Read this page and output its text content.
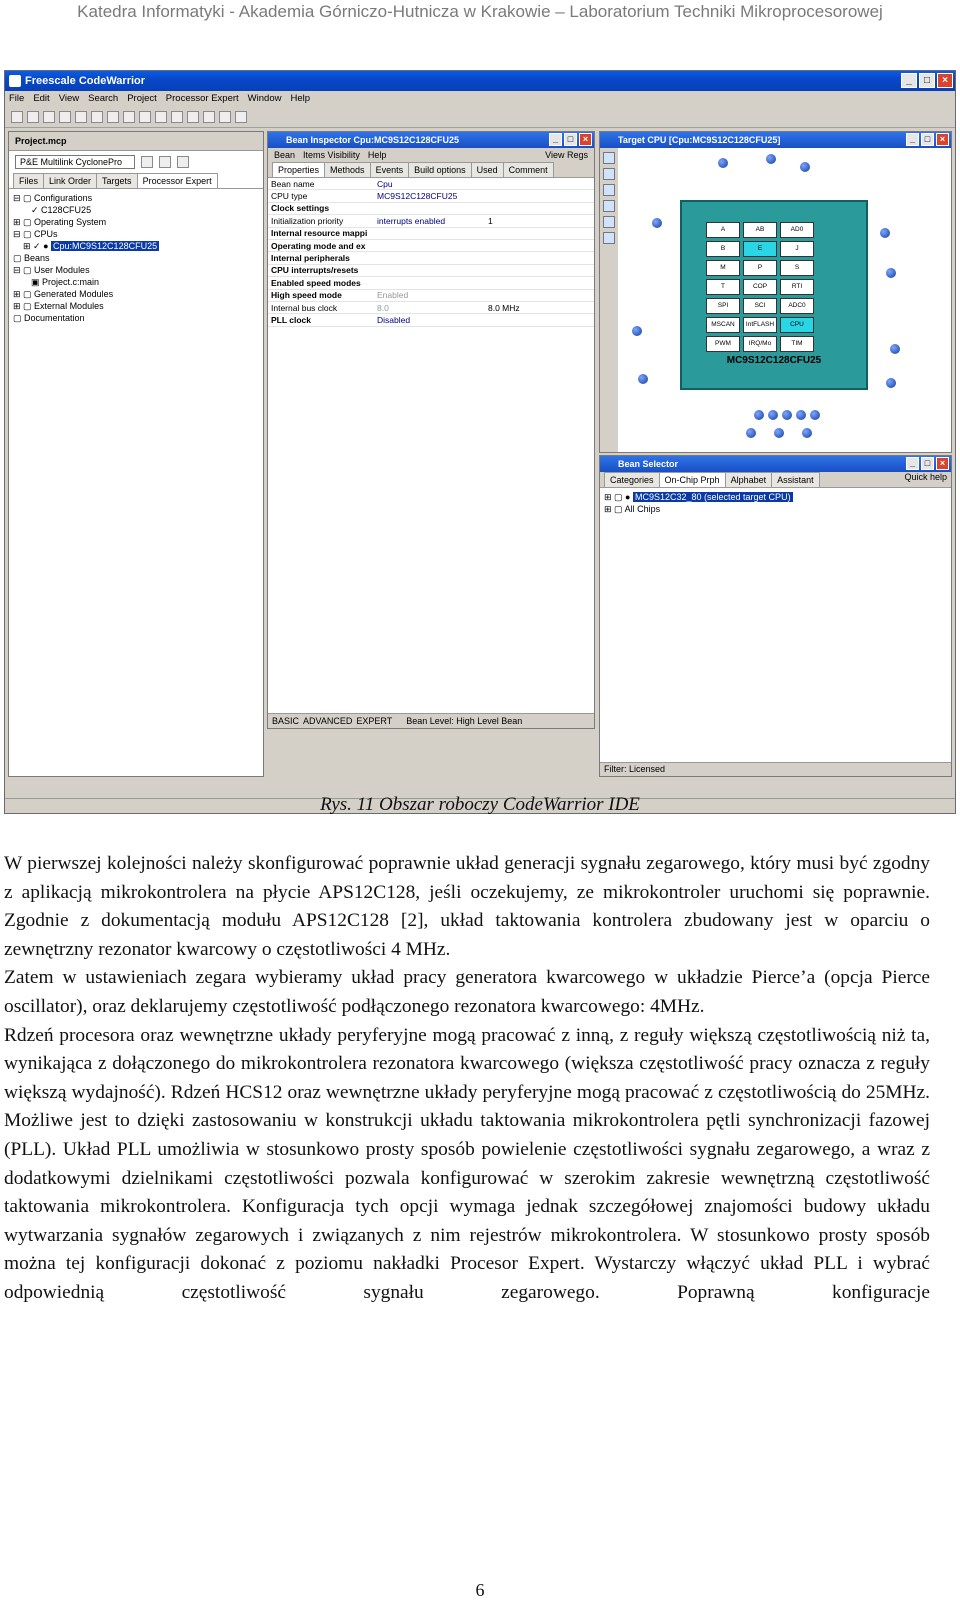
Katedra Informatyki - Akademia Górniczo-Hutnicza w Krakowie – Laboratorium Techniki Mikroprocesorowej
Freescale CodeWarrior	_	□	×
File Edit View Search Project Processor Expert Window Help
Project.mcp
P&E Multilink CyclonePro
Files	Link Order	Targets	Processor Expert
⊟ ▢ Configurations
✓ C128CFU25
⊞ ▢ Operating System
⊟ ▢ CPUs
⊞ ✓ ● Cpu:MC9S12C128CFU25
▢ Beans
⊟ ▢ User Modules
▣ Project.c:main
⊞ ▢ Generated Modules
⊞ ▢ External Modules
▢ Documentation
Bean Inspector Cpu:MC9S12C128CFU25	_	□	×
Bean Items Visibility Help	View Regs
Properties	Methods	Events	Build options	Used	Comment
Bean name	Cpu	
CPU type	MC9S12C128CFU25	
Clock settings		
Initialization priority	interrupts enabled	1
Internal resource mappi		
Operating mode and ex		
Internal peripherals		
CPU interrupts/resets		
Enabled speed modes		
High speed mode	Enabled	
Internal bus clock	8.0	8.0 MHz
PLL clock	Disabled	
BASIC ADVANCED EXPERT Bean Level: High Level Bean
Target CPU [Cpu:MC9S12C128CFU25]	_	□	×
A	AB	AD0
B	E	J
M	P	S
T	COP	RTI
SPI	SCI	ADC0
MSCAN	IntFLASH	CPU
PWM	IRQ/Mo	TIM
MC9S12C128CFU25
Bean Selector	_	□	×
Categories	On-Chip Prph	Alphabet	Assistant	Quick help
⊞ ▢ ● MC9S12C32_80 (selected target CPU)
⊞ ▢ All Chips
Filter: Licensed
Rys. 11 Obszar roboczy CodeWarrior IDE

W pierwszej kolejności należy skonfigurować poprawnie układ generacji sygnału zegarowego, który musi być zgodny z aplikacją mikrokontrolera na płycie APS12C128, jeśli oczekujemy, ze mikrokontroler uruchomi się poprawnie. Zgodnie z dokumentacją modułu APS12C128 [2], układ taktowania kontrolera zbudowany jest w oparciu o zewnętrzny rezonator kwarcowy o częstotliwości 4 MHz.

Zatem w ustawieniach zegara wybieramy układ pracy generatora kwarcowego w układzie Pierce’a (opcja Pierce oscillator), oraz deklarujemy częstotliwość podłączonego rezonatora kwarcowego: 4MHz.

Rdzeń procesora oraz wewnętrzne układy peryferyjne mogą pracować z inną, z reguły większą częstotliwością niż ta, wynikająca z dołączonego do mikrokontrolera rezonatora kwarcowego (większa częstotliwość pracy oznacza z reguły większą wydajność). Rdzeń HCS12 oraz wewnętrzne układy peryferyjne mogą pracować z częstotliwością do 25MHz. Możliwe jest to dzięki zastosowaniu w konstrukcji układu taktowania mikrokontrolera pętli synchronizacji fazowej (PLL). Układ PLL umożliwia w stosunkowo prosty sposób powielenie częstotliwości sygnału zegarowego, a wraz z dodatkowymi dzielnikami częstotliwości pozwala konfigurować w szerokim zakresie wewnętrzną częstotliwość taktowania mikrokontrolera. Konfiguracja tych opcji wymaga jednak szczegółowej znajomości budowy układu wytwarzania sygnałów zegarowych i związanych z nim rejestrów mikrokontrolera. W stosunkowo prosty sposób można tej konfiguracji dokonać z poziomu nakładki Procesor Expert. Wystarczy włączyć układ PLL i wybrać odpowiednią częstotliwość sygnału zegarowego. Poprawną konfiguracje

6
